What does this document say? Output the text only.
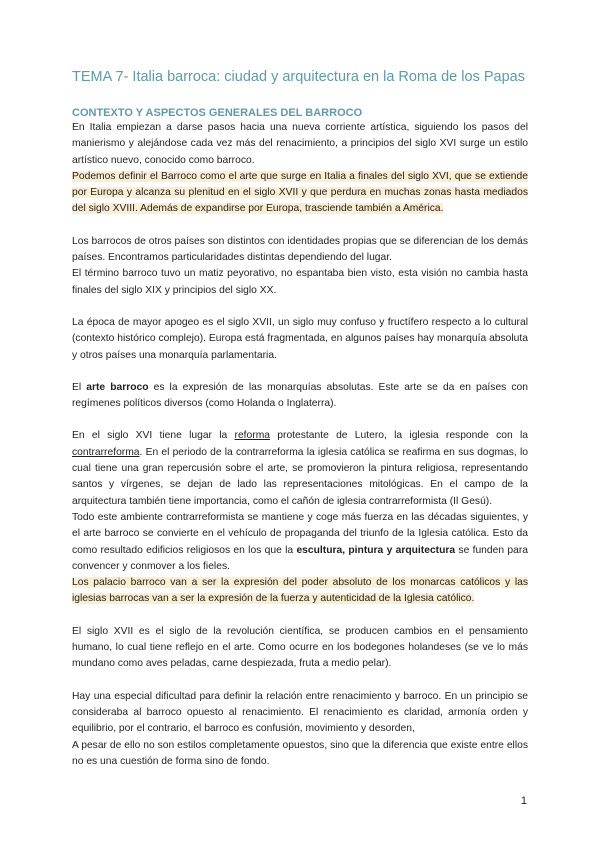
TEMA 7- Italia barroca: ciudad y arquitectura en la Roma de los Papas
CONTEXTO Y ASPECTOS GENERALES DEL BARROCO

En Italia empiezan a darse pasos hacia una nueva corriente artística, siguiendo los pasos del manierismo y alejándose cada vez más del renacimiento, a principios del siglo XVI surge un estilo artístico nuevo, conocido como barroco.

Podemos definir el Barroco como el arte que surge en Italia a finales del siglo XVI, que se extiende por Europa y alcanza su plenitud en el siglo XVII y que perdura en muchas zonas hasta mediados del siglo XVIII. Además de expandirse por Europa, trasciende también a América.

Los barrocos de otros países son distintos con identidades propias que se diferencian de los demás países. Encontramos particularidades distintas dependiendo del lugar.

El término barroco tuvo un matiz peyorativo, no espantaba bien visto, esta visión no cambia hasta finales del siglo XIX y principios del siglo XX.

La época de mayor apogeo es el siglo XVII, un siglo muy confuso y fructífero respecto a lo cultural (contexto histórico complejo). Europa está fragmentada, en algunos países hay monarquía absoluta y otros países una monarquía parlamentaria.

El arte barroco es la expresión de las monarquías absolutas. Este arte se da en países con regímenes políticos diversos (como Holanda o Inglaterra).

En el siglo XVI tiene lugar la reforma protestante de Lutero, la iglesia responde con la contrarreforma. En el periodo de la contrarreforma la iglesia católica se reafirma en sus dogmas, lo cual tiene una gran repercusión sobre el arte, se promovieron la pintura religiosa, representando santos y vírgenes, se dejan de lado las representaciones mitológicas. En el campo de la arquitectura también tiene importancia, como el cañón de iglesia contrarreformista (Il Gesú).

Todo este ambiente contrarreformista se mantiene y coge más fuerza en las décadas siguientes, y el arte barroco se convierte en el vehículo de propaganda del triunfo de la Iglesia católica. Esto da como resultado edificios religiosos en los que la escultura, pintura y arquitectura se funden para convencer y conmover a los fieles.

Los palacio barroco van a ser la expresión del poder absoluto de los monarcas católicos y las iglesias barrocas van a ser la expresión de la fuerza y autenticidad de la Iglesia católico.

El siglo XVII es el siglo de la revolución científica, se producen cambios en el pensamiento humano, lo cual tiene reflejo en el arte. Como ocurre en los bodegones holandeses (se ve lo más mundano como aves peladas, carne despiezada, fruta a medio pelar).

Hay una especial dificultad para definir la relación entre renacimiento y barroco. En un principio se consideraba al barroco opuesto al renacimiento. El renacimiento es claridad, armonía orden y equilibrio, por el contrario, el barroco es confusión, movimiento y desorden,

A pesar de ello no son estilos completamente opuestos, sino que la diferencia que existe entre ellos no es una cuestión de forma sino de fondo.

1
